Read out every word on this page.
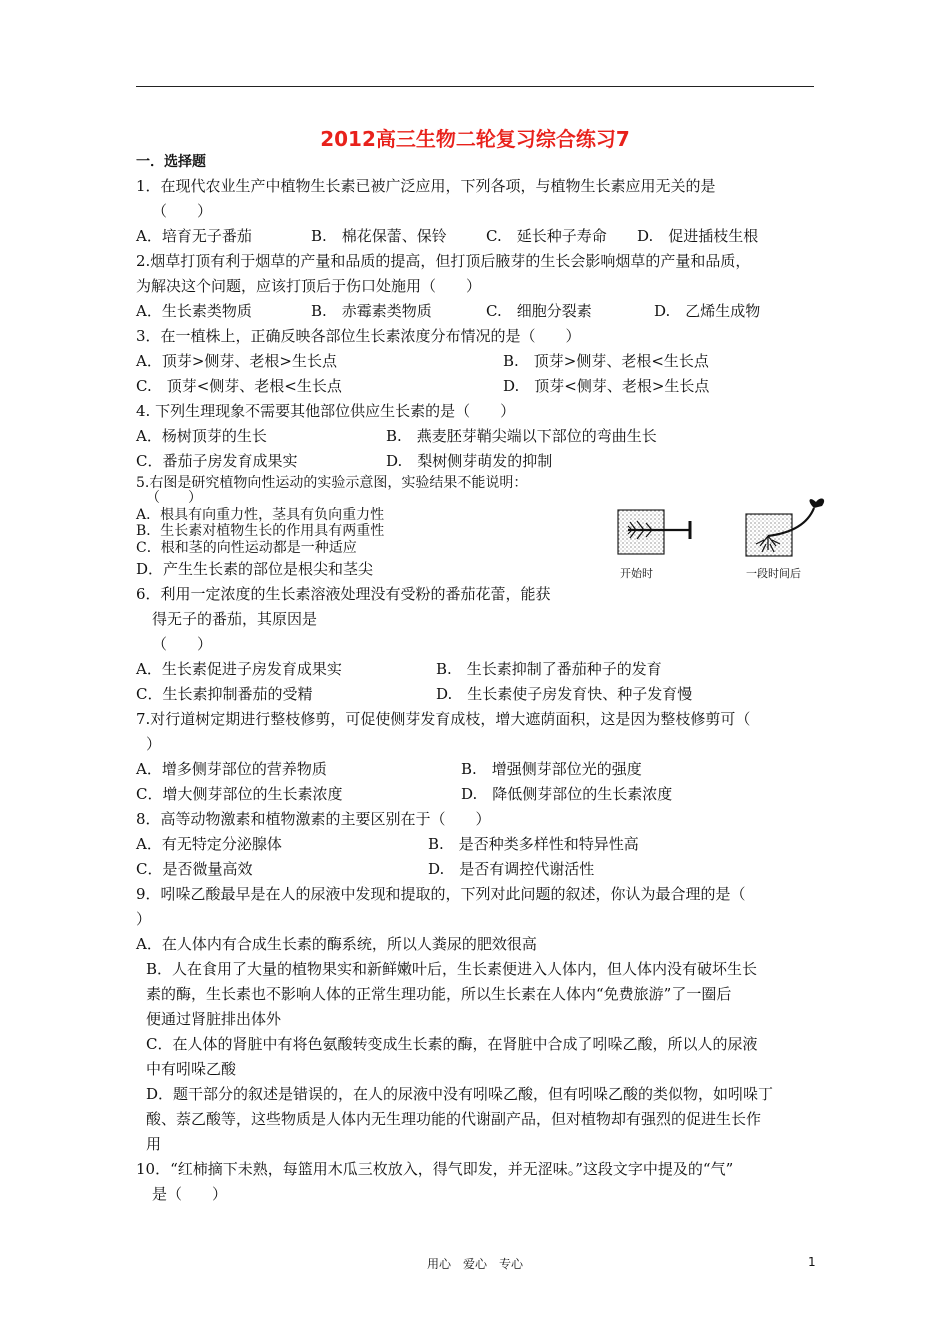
2012高三生物二轮复习综合练习7
一．选择题
1．在现代农业生产中植物生长素已被广泛应用，下列各项，与植物生长素应用无关的是
（　　）
A．培育无子番茄	B.　棉花保蕾、保铃	C.　延长种子寿命 D.　促进插枝生根
2.烟草打顶有利于烟草的产量和品质的提高，但打顶后腋芽的生长会影响烟草的产量和品质，
为解决这个问题，应该打顶后于伤口处施用（　　）
A．生长素类物质	B.　赤霉素类物质	C.　细胞分裂素	D.　乙烯生成物
3．在一植株上，正确反映各部位生长素浓度分布情况的是（　　）
A．顶芽>侧芽、老根>生长点	B.　顶芽>侧芽、老根<生长点
C.　顶芽<侧芽、老根<生长点	D.　顶芽<侧芽、老根>生长点
4. 下列生理现象不需要其他部位供应生长素的是（　　）
A．杨树顶芽的生长	B.　燕麦胚芽鞘尖端以下部位的弯曲生长
C．番茄子房发育成果实	D.　梨树侧芽萌发的抑制
5.右图是研究植物向性运动的实验示意图，实验结果不能说明：
（　　）
A．根具有向重力性，茎具有负向重力性
B．生长素对植物生长的作用具有两重性
C．根和茎的向性运动都是一种适应
D．产生生长素的部位是根尖和茎尖	开始时	一段时间后
6．利用一定浓度的生长素溶液处理没有受粉的番茄花蕾，能获
得无子的番茄，其原因是
（　　）
A．生长素促进子房发育成果实	B.　生长素抑制了番茄种子的发育
C．生长素抑制番茄的受精	D.　生长素使子房发育快、种子发育慢
7.对行道树定期进行整枝修剪，可促使侧芽发育成枝，增大遮荫面积，这是因为整枝修剪可（
）
A．增多侧芽部位的营养物质	B.　增强侧芽部位光的强度
C．增大侧芽部位的生长素浓度	D.　降低侧芽部位的生长素浓度
8．高等动物激素和植物激素的主要区别在于（　　）
A．有无特定分泌腺体	B.　是否种类多样性和特异性高
C．是否微量高效	D.　是否有调控代谢活性
9．吲哚乙酸最早是在人的尿液中发现和提取的，下列对此问题的叙述，你认为最合理的是（
）
A．在人体内有合成生长素的酶系统，所以人粪尿的肥效很高
B．人在食用了大量的植物果实和新鲜嫩叶后，生长素便进入人体内，但人体内没有破坏生长
素的酶，生长素也不影响人体的正常生理功能，所以生长素在人体内“免费旅游”了一圈后
便通过肾脏排出体外
C．在人体的肾脏中有将色氨酸转变成生长素的酶，在肾脏中合成了吲哚乙酸，所以人的尿液
中有吲哚乙酸
D．题干部分的叙述是错误的，在人的尿液中没有吲哚乙酸，但有吲哚乙酸的类似物，如吲哚丁
酸、萘乙酸等，这些物质是人体内无生理功能的代谢副产品，但对植物却有强烈的促进生长作
用
10．“红柿摘下未熟，每篮用木瓜三枚放入，得气即发，并无涩味。”这段文字中提及的“气”
是（　　）
用心　爱心　专心	1
